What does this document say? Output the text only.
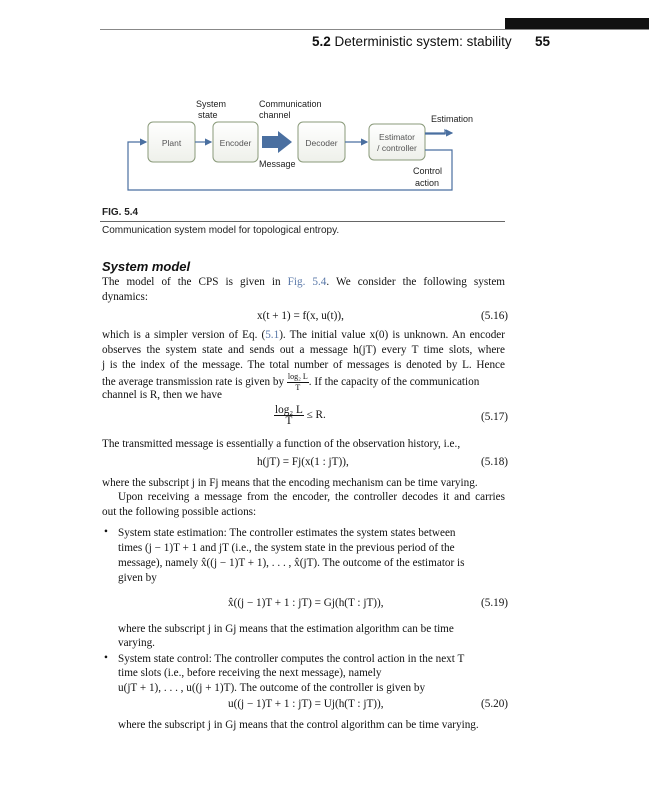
5.2 Deterministic system: stability 55
System
state
Communication
channel	Estimation
Message
Control
action
Plant	Encoder	Decoder
Estimator
/ controller
FIG. 5.4
Communication system model for topological entropy.
System model
The model of the CPS is given in Fig. 5.4. We consider the following system
dynamics:
x(t + 1) = f(x, u(t)),	(5.16)
which is a simpler version of Eq. (5.1). The initial value x(0) is unknown. An encoder
observes the system state and sends out a message h(jT) every T time slots, where
j is the index of the message. The total number of messages is denoted by L. Hence
the average transmission rate is given by $\frac{\text{log₂ L}}{T}$ . If the capacity of the communication
channel is R, then we have
$\frac{\text{log₂ L}}{T} \le R$.	(5.17)
The transmitted message is essentially a function of the observation history, i.e.,
h(jT) = Fj(x(1 : jT)),	(5.18)
where the subscript j in Fj means that the encoding mechanism can be time varying.
Upon receiving a message from the encoder, the controller decodes it and carries
out the following possible actions:
• System state estimation: The controller estimates the system states between
times (j − 1)T + 1 and jT (i.e., the system state in the previous period of the
message), namely x̂((j − 1)T + 1), . . . , x̂(jT). The outcome of the estimator is
given by
x̂((j − 1)T + 1 : jT) = Gj(h(T : jT)),	(5.19)
where the subscript j in Gj means that the estimation algorithm can be time
varying.
• System state control: The controller computes the control action in the next T
time slots (i.e., before receiving the next message), namely
u(jT + 1), . . . , u((j + 1)T). The outcome of the controller is given by
u((j − 1)T + 1 : jT) = Uj(h(T : jT)),	(5.20)
where the subscript j in Gj means that the control algorithm can be time varying.
